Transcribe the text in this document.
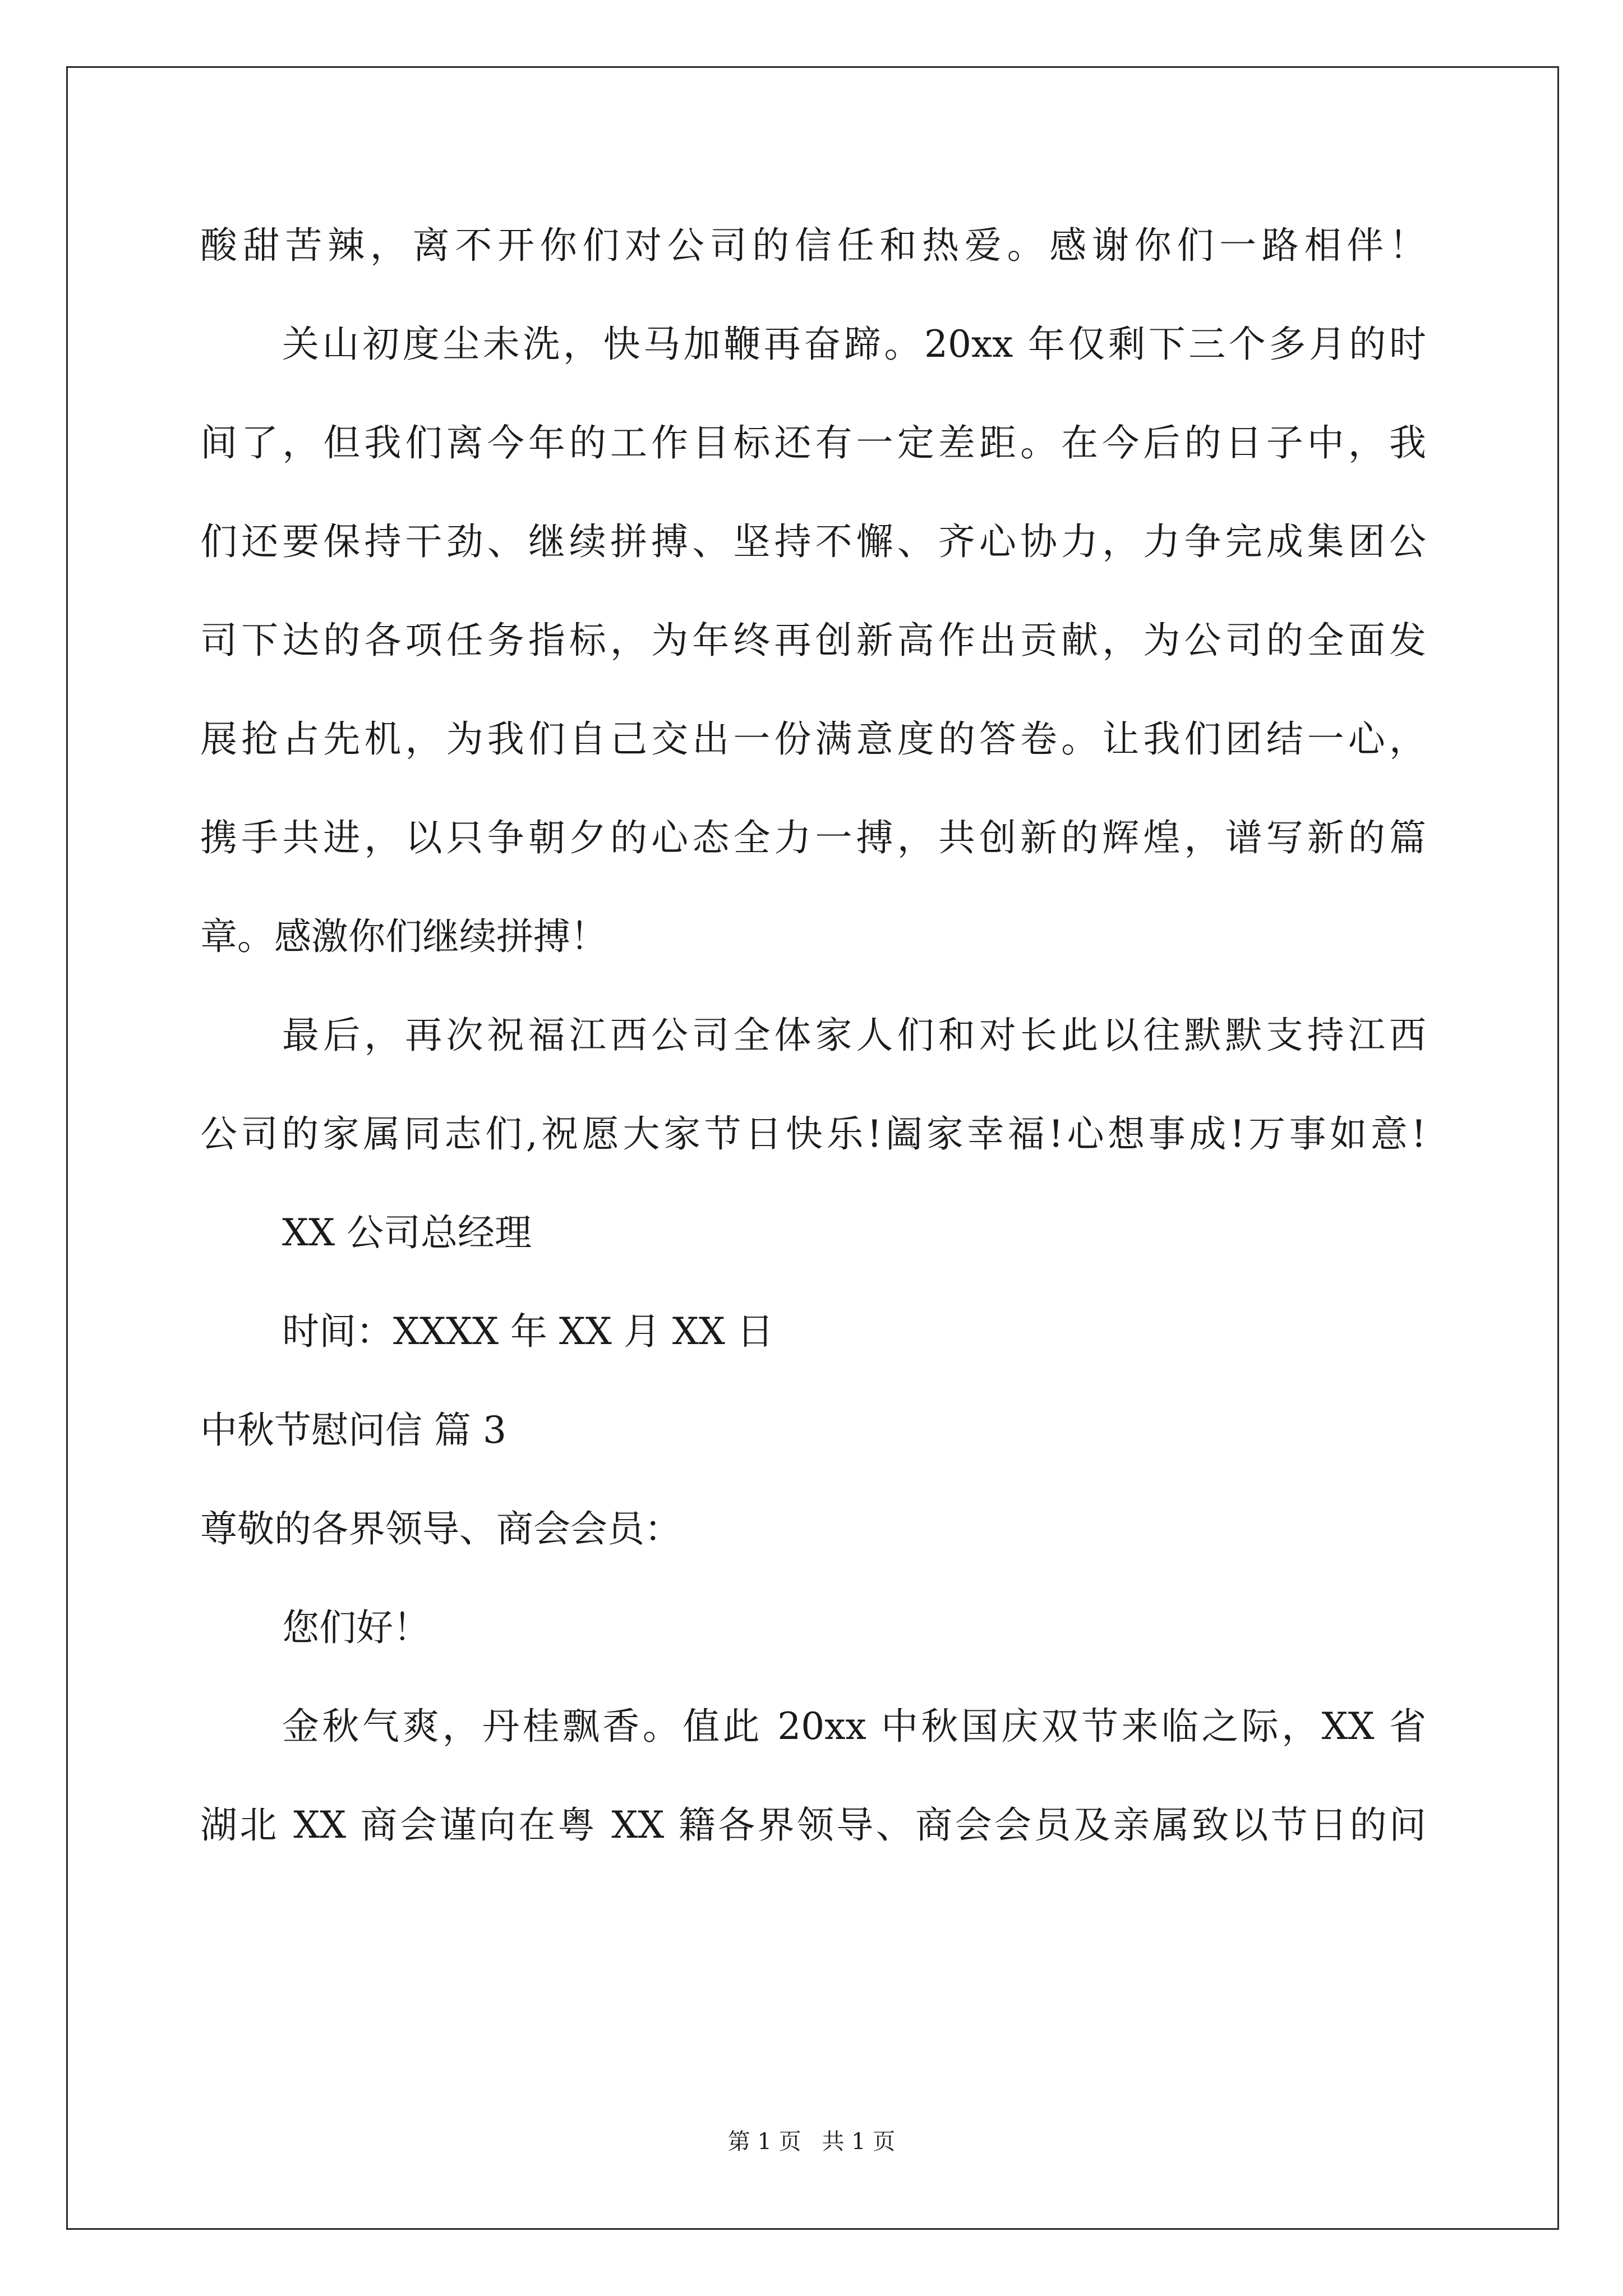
酸甜苦辣，离不开你们对公司的信任和热爱。感谢你们一路相伴！
关山初度尘未洗，快马加鞭再奋蹄。20xx 年仅剩下三个多月的时
间了，但我们离今年的工作目标还有一定差距。在今后的日子中，我
们还要保持干劲、继续拼搏、坚持不懈、齐心协力，力争完成集团公
司下达的各项任务指标，为年终再创新高作出贡献，为公司的全面发
展抢占先机，为我们自己交出一份满意度的答卷。让我们团结一心，
携手共进，以只争朝夕的心态全力一搏，共创新的辉煌，谱写新的篇
章。感激你们继续拼搏！
最后，再次祝福江西公司全体家人们和对长此以往默默支持江西
公司的家属同志们,祝愿大家节日快乐!阖家幸福!心想事成!万事如意!
XX 公司总经理
时间：XXXX 年 XX 月 XX 日
中秋节慰问信 篇 3
尊敬的各界领导、商会会员：
您们好！
金秋气爽，丹桂飘香。值此 20xx 中秋国庆双节来临之际，XX 省
湖北 XX 商会谨向在粤 XX 籍各界领导、商会会员及亲属致以节日的问
第 1 页 共 1 页
